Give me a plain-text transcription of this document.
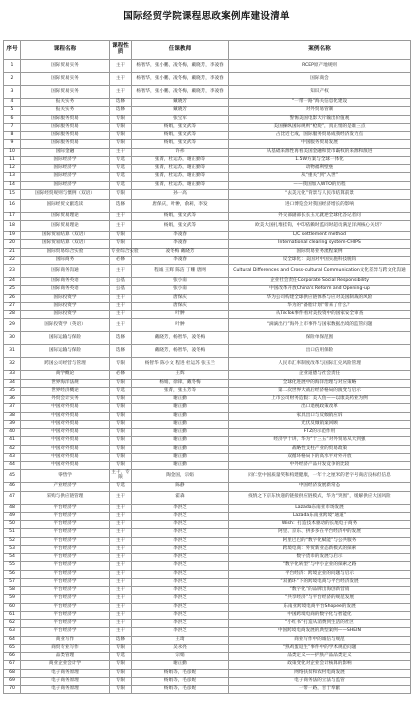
国际经贸学院课程思政案例库建设清单
序号	课程名称	课程性质	任课教师	案例名称
1	国际贸易实务	主干	杨智华，张小鹏，凌冬梅，戴晓芳，李凌春	RCEP原产地规则
2	国际贸易实务	主干	杨智华，张小鹏，凌冬梅，戴晓芳，李凌春	国际商会
3	国际贸易实务	主干	杨智华，张小鹏，凌冬梅，戴晓芳，李凌春	知识产权
4	报关实务	选修	戴晓芳	“一带一路”海关信息化建设
5	报关实务	选修	戴晓芳	对外贸易管制
6	国际服务贸易	专限	张宝军	警惕美国电影大片输出价值观
7	国际服务贸易	专限	杨娟，张文武等	美国操纵国际规则“枪毙”，真正悄的是谁三点
8	国际服务贸易	专限	杨娟，张文武等	占比近七成，国际服务贸易成我经济发力点
9	国际服务贸易	专限	杨娟，张文武等	中国服务贸易发展
10	国际金融	主干	许祎	从基础来源性再看美国金融和货币霸权的来源和演进
11	国际经济学	专选	张菁，杜运苏，谢正勤等	1.5W方案与全球一体化
12	国际经济学	专选	张菁，杜运苏，谢正勤等	动物福利壁垒
13	国际经济学	专选	张菁，杜运苏，谢正勤等	从“重关”到“入世”
14	国际经济学	专选	张菁，杜运苏，谢正勤等	——我国加入WTO的历程
15	国际经贸规则与惯例（双语）	专限	孙一高	“去美元化”背景与人民币结算前景
16	国际经贸文献选读	选修	唐保庆，叶翀，俞莉，李发	进口博览会对我国经济增长的影响
17	国际贸易理论	主干	杨娟，张文武等	外交部副部长长玉元就逆全球化答记者问
18	国际贸易理论	主干	杨娟，张文武等	欧美大国扎堆挂钩，中印依赖时监同时超贡满足洋洲核心关切？
19	国际贸易结算（双语）	专限	李凌春	L/C settlement method
20	国际贸易结算（双语）	专限	李凌春	International clearing system-CHIPS
21	国际贸易综合实验	专业综合实验	凌冬梅 戴晓芳	国际贸易业务流程案例
22	国际商务	必修	李凌春	反全球化：美国对中国实施科技脱钩
23	国际商务沟通	主干	程诚 王辉 陈洁 丁姗 唐网	Cultural Differences and Cross-cultural Communication文化差异与跨文化沟通
24	国际商务英语	公基	张小南	企业社会责任Corporate Social Responsibility
25	国际商务英语	公基	张小南	中国改革开放China's Reform and Opening-up
26	国际投资学	主干	唐保庆	华为公司构建全球供应链体系与应对美国制裁的风险
27	国际投资学	主干	唐保庆	华为的“备胎计划”带来了什么？
28	国际投资学	主干	叶翀	从TikTok事件看对美投资中的国家安全审查
29	国际投资学（英语）	主干	叶翀	“滴滴出行”海外上市事件与国家数据出境的监管问题
30	国际运输与保险	选修	戴晓芳，杨智华，凌冬梅	保险单保范围
31	国际运输与保险	选修	戴晓芳，杨智华，凌冬梅	出口信用保险
32	跨国公司经营与管理	专限	杨智华 陈小文 程进 杜运苏 张玉兰	人民币汇率制度改革与国际汇兑风险管理
33	商学概论	必修	王辉	企业道德与社会责任
34	世界海洋法规	专限	杨娟，徐锋，戴冬梅	全球化进展中的海洋治理与对应策略
35	世界经济概论	专选	张菁，张玉芳等	第二次世界大战后经济格局的演变与启示
36	外贸会计实务	专限	谢正勤	上市公司财务造假：美人鱼——以康美药业为例
37	中国对外贸易	专限	谢正勤	出口退税政策改革
38	中国对外贸易	专限	谢正勤	家具出口与反倾销应诉
39	中国对外贸易	专限	谢正勤	光伏反倾销案回顾
40	中国对外贸易	专限	谢正勤	FTZ的示范作用
41	中国对外贸易	专限	谢正勤	经济学十讲，华为“十三五”对外贸易从大到强
42	中国对外贸易	专限	谢正勤	战略性支柱产业的贸易政策
43	中国对外贸易	专限	谢正勤	双循环格局下的高水平对外开放
44	中国对外贸易	专限	谢正勤	中外经济产品开发竞争的比较
45	零售学	主干，专限	陶金国，宗娟	同仁堂中国质量奖和构建健康，一年十之厘米的老字号商店良标但信息
46	产业经济学	专选	陈静	中国经济发展新常态
47	采购与供应链管理	主干	霍森	疫情之下京东快递的链接供应链模式，华为“突围”，缓解供应大国风险
48	平台经济学	主干	李洪芝	Lazada东南亚市场发展
49	平台经济学	主干	李洪芝	Lazada东南亚跨境“通道”
50	平台经济学	主干	李洪芝	Wish：打造技术驱动的长尾电子商务
51	平台经济学	主干	李洪芝	阿里、京东、拼多多在平台经济中的发展
52	平台经济学	主干	李洪芝	阿里巴巴的“数字化赋能”与公共服务
53	平台经济学	主干	李洪芝	跨境电商：外贸新业态新模式的探索
54	平台经济学	主干	李洪芝	数字货币的发展与启示
55	平台经济学	主干	李洪芝	“数字化转型”与中小企业的探索之路
56	平台经济学	主干	李洪芝	平台经济：跨境企业的问题与启示
57	平台经济学	主干	李洪芝	“双循环”下的跨境电商与平台经济发展
58	平台经济学	主干	李洪芝	“数字化”的品牌出海创新营销
59	平台经济学	主干	李洪芝	“共享经济”与平台经济的规范发展
60	平台经济学	主干	李洪芝	东南亚跨境电商平台Shopee的发展
61	平台经济学	主干	李洪芝	中国跨境电商的数字化与智能化
62	平台经济学	主干	李洪芝	“小红书”打造从消费到生活的社区
63	平台经济学	主干	李洪芝	中国跨境电商发展的典型案例——SHEIN
64	商业写作	选修	王琦	商业写作中的诚信与规范
65	商贸专业写作	专限	吴永亮	“熟鸡蛋返生”事件中的学术规范问题
66	品类管理	专选	宗娟	品类定义——护肤产品品类定义
67	商业企业会计学	专限	谢正勤	政策变化对企业会计核算的影响
68	电子商务原理	专限	杨娟等，毛彦妮	网络扶贫和农村电商发展
69	电子商务原理	专限	杨娟等，毛彦妮	电子商务法的立法与监管
70	电子商务原理	专限	杨娟等，毛彦妮	一带一路，甘于奉献
